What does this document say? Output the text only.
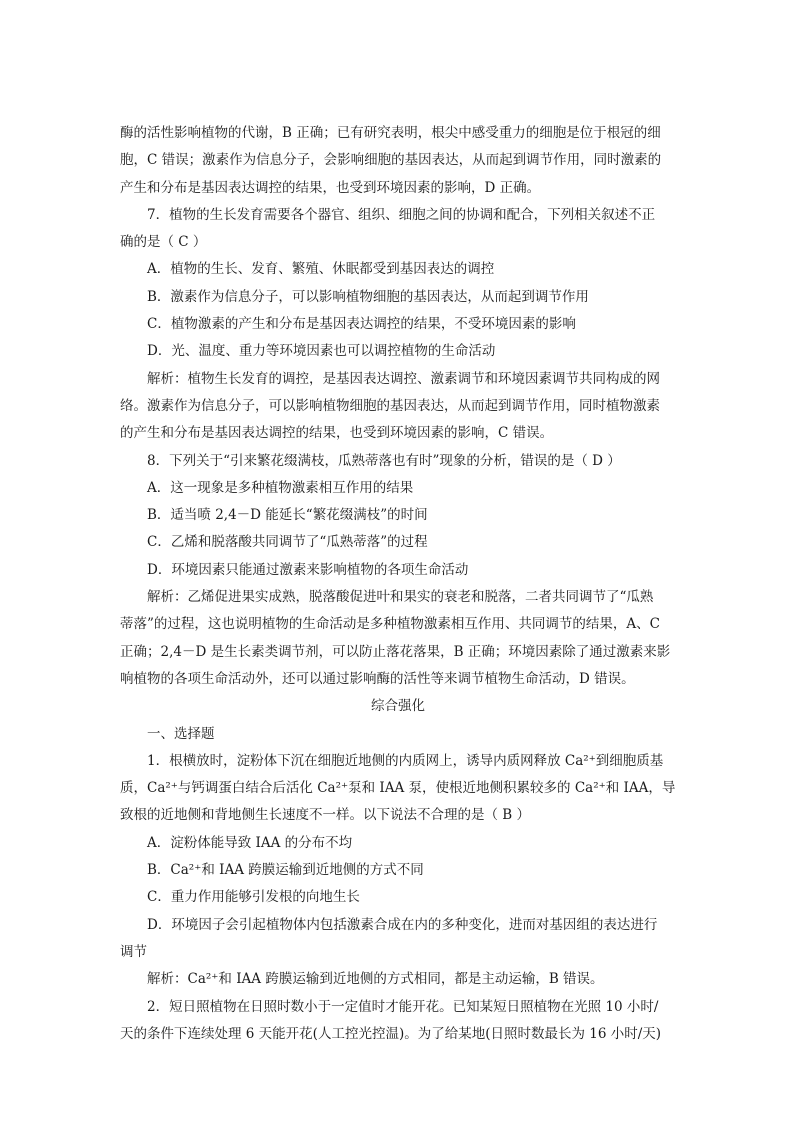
酶的活性影响植物的代谢，B 正确；已有研究表明，根尖中感受重力的细胞是位于根冠的细
胞，C 错误；激素作为信息分子，会影响细胞的基因表达，从而起到调节作用，同时激素的
产生和分布是基因表达调控的结果，也受到环境因素的影响，D 正确。
7．植物的生长发育需要各个器官、组织、细胞之间的协调和配合，下列相关叙述不正
确的是（ C ）
A．植物的生长、发育、繁殖、休眠都受到基因表达的调控
B．激素作为信息分子，可以影响植物细胞的基因表达，从而起到调节作用
C．植物激素的产生和分布是基因表达调控的结果，不受环境因素的影响
D．光、温度、重力等环境因素也可以调控植物的生命活动
解析：植物生长发育的调控，是基因表达调控、激素调节和环境因素调节共同构成的网
络。激素作为信息分子，可以影响植物细胞的基因表达，从而起到调节作用，同时植物激素
的产生和分布是基因表达调控的结果，也受到环境因素的影响，C 错误。
8．下列关于“引来繁花缀满枝，瓜熟蒂落也有时”现象的分析，错误的是（ D ）
A．这一现象是多种植物激素相互作用的结果
B．适当喷 2,4－D 能延长“繁花缀满枝”的时间
C．乙烯和脱落酸共同调节了“瓜熟蒂落”的过程
D．环境因素只能通过激素来影响植物的各项生命活动
解析：乙烯促进果实成熟，脱落酸促进叶和果实的衰老和脱落，二者共同调节了“瓜熟
蒂落”的过程，这也说明植物的生命活动是多种植物激素相互作用、共同调节的结果，A、C
正确；2,4－D 是生长素类调节剂，可以防止落花落果，B 正确；环境因素除了通过激素来影
响植物的各项生命活动外，还可以通过影响酶的活性等来调节植物生命活动，D 错误。
综合强化
一、选择题
1．根横放时，淀粉体下沉在细胞近地侧的内质网上，诱导内质网释放 Ca²⁺到细胞质基
质，Ca²⁺与钙调蛋白结合后活化 Ca²⁺泵和 IAA 泵，使根近地侧积累较多的 Ca²⁺和 IAA，导
致根的近地侧和背地侧生长速度不一样。以下说法不合理的是（ B ）
A．淀粉体能导致 IAA 的分布不均
B．Ca²⁺和 IAA 跨膜运输到近地侧的方式不同
C．重力作用能够引发根的向地生长
D．环境因子会引起植物体内包括激素合成在内的多种变化，进而对基因组的表达进行
调节
解析：Ca²⁺和 IAA 跨膜运输到近地侧的方式相同，都是主动运输，B 错误。
2．短日照植物在日照时数小于一定值时才能开花。已知某短日照植物在光照 10 小时/
天的条件下连续处理 6 天能开花(人工控光控温)。为了给某地(日照时数最长为 16 小时/天)
